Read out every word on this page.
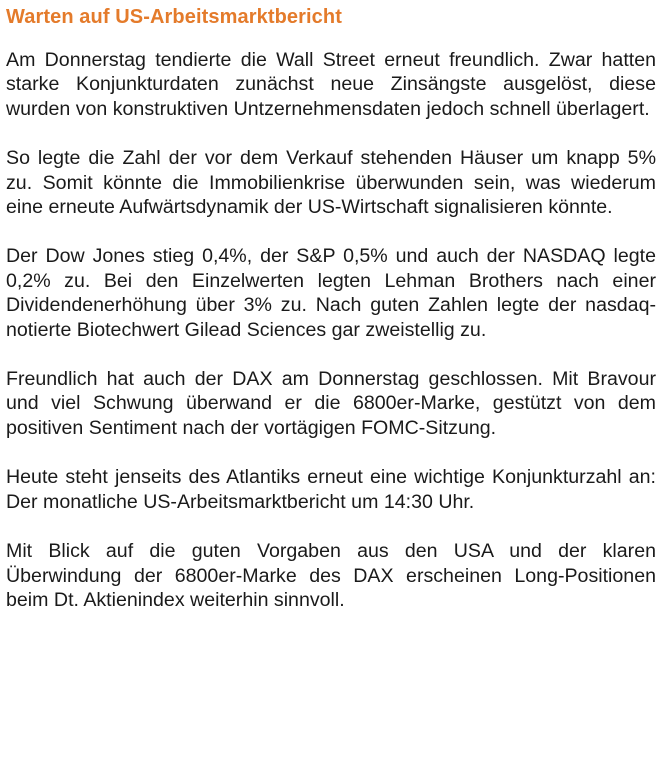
Warten auf US-Arbeitsmarktbericht

Am Donnerstag tendierte die Wall Street erneut freundlich. Zwar hatten starke Konjunkturdaten zunächst neue Zinsängste ausgelöst, diese wurden von konstruktiven Untzernehmensdaten jedoch schnell überlagert.

So legte die Zahl der vor dem Verkauf stehenden Häuser um knapp 5% zu. Somit könnte die Immobilienkrise überwunden sein, was wiederum eine erneute Aufwärtsdynamik der US-Wirtschaft signalisieren könnte.

Der Dow Jones stieg 0,4%, der S&P 0,5% und auch der NASDAQ legte 0,2% zu. Bei den Einzelwerten legten Lehman Brothers nach einer Dividendenerhöhung über 3% zu. Nach guten Zahlen legte der nasdaq-notierte Biotechwert Gilead Sciences gar zweistellig zu.

Freundlich hat auch der DAX am Donnerstag geschlossen. Mit Bravour und viel Schwung überwand er die 6800er-Marke, gestützt von dem positiven Sentiment nach der vortägigen FOMC-Sitzung.

Heute steht jenseits des Atlantiks erneut eine wichtige Konjunkturzahl an: Der monatliche US-Arbeitsmarktbericht um 14:30 Uhr.

Mit Blick auf die guten Vorgaben aus den USA und der klaren Überwindung der 6800er-Marke des DAX erscheinen Long-Positionen beim Dt. Aktienindex weiterhin sinnvoll.
